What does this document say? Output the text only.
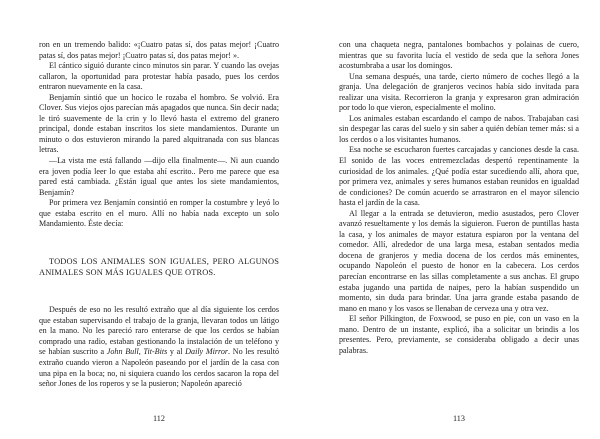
ron en un tremendo balido: «¡Cuatro patas sí, dos patas mejor! ¡Cuatro patas sí, dos patas mejor! ¡Cuatro patas sí, dos patas mejor! ».

El cántico siguió durante cinco minutos sin parar. Y cuando las ovejas callaron, la oportunidad para protestar había pasado, pues los cerdos entraron nuevamente en la casa.

Benjamín sintió que un hocico le rozaba el hombro. Se volvió. Era Clover. Sus viejos ojos parecían más apagados que nunca. Sin decir nada; le tiró suavemente de la crin y lo llevó hasta el extremo del granero principal, donde estaban inscritos los siete mandamientos. Durante un minuto o dos estuvieron mirando la pared alquitranada con sus blancas letras.

—La vista me está fallando —dijo ella finalmente—. Ni aun cuando era joven podía leer lo que estaba ahí escrito.. Pero me parece que esa pared está cambiada. ¿Están igual que antes los siete mandamientos, Benjamín?

Por primera vez Benjamín consintió en romper la costumbre y leyó lo que estaba escrito en el muro. Allí no había nada excepto un solo Mandamiento. Éste decía:

TODOS LOS ANIMALES SON IGUALES, PERO ALGUNOS ANIMALES SON MÁS IGUALES QUE OTROS.

Después de eso no les resultó extraño que al día siguiente los cerdos que estaban supervisando el trabajo de la granja, llevaran todos un látigo en la mano. No les pareció raro enterarse de que los cerdos se habían comprado una radio, estaban gestionando la instalación de un teléfono y se habían suscrito a John Bull, Tit-Bits y al Daily Mirror. No les resultó extraño cuando vieron a Napoleón paseando por el jardín de la casa con una pipa en la boca; no, ni siquiera cuando los cerdos sacaron la ropa del señor Jones de los roperos y se la pusieron; Napoleón apareció

con una chaqueta negra, pantalones bombachos y polainas de cuero, mientras que su favorita lucía el vestido de seda que la señora Jones acostumbraba a usar los domingos.

Una semana después, una tarde, cierto número de coches llegó a la granja. Una delegación de granjeros vecinos había sido invitada para realizar una visita. Recorrieron la granja y expresaron gran admiración por todo lo que vieron, especialmente el molino.

Los animales estaban escardando el campo de nabos. Trabajaban casi sin despegar las caras del suelo y sin saber a quién debían temer más: si a los cerdos o a los visitantes humanos.

Esa noche se escucharon fuertes carcajadas y canciones desde la casa. El sonido de las voces entremezcladas despertó repentinamente la curiosidad de los animales. ¿Qué podía estar sucediendo allí, ahora que, por primera vez, animales y seres humanos estaban reunidos en igualdad de condiciones? De común acuerdo se arrastraron en el mayor silencio hasta el jardín de la casa.

Al llegar a la entrada se detuvieron, medio asustados, pero Clover avanzó resueltamente y los demás la siguieron. Fueron de puntillas hasta la casa, y los animales de mayor estatura espiaron por la ventana del comedor. Allí, alrededor de una larga mesa, estaban sentados media docena de granjeros y media docena de los cerdos más eminentes, ocupando Napoleón el puesto de honor en la cabecera. Los cerdos parecían encontrarse en las sillas completamente a sus anchas. El grupo estaba jugando una partida de naipes, pero la habían suspendido un momento, sin duda para brindar. Una jarra grande estaba pasando de mano en mano y los vasos se llenaban de cerveza una y otra vez.

El señor Pilkington, de Foxwood, se puso en pie, con un vaso en la mano. Dentro de un instante, explicó, iba a solicitar un brindis a los presentes. Pero, previamente, se consideraba obligado a decir unas palabras.

112	113
